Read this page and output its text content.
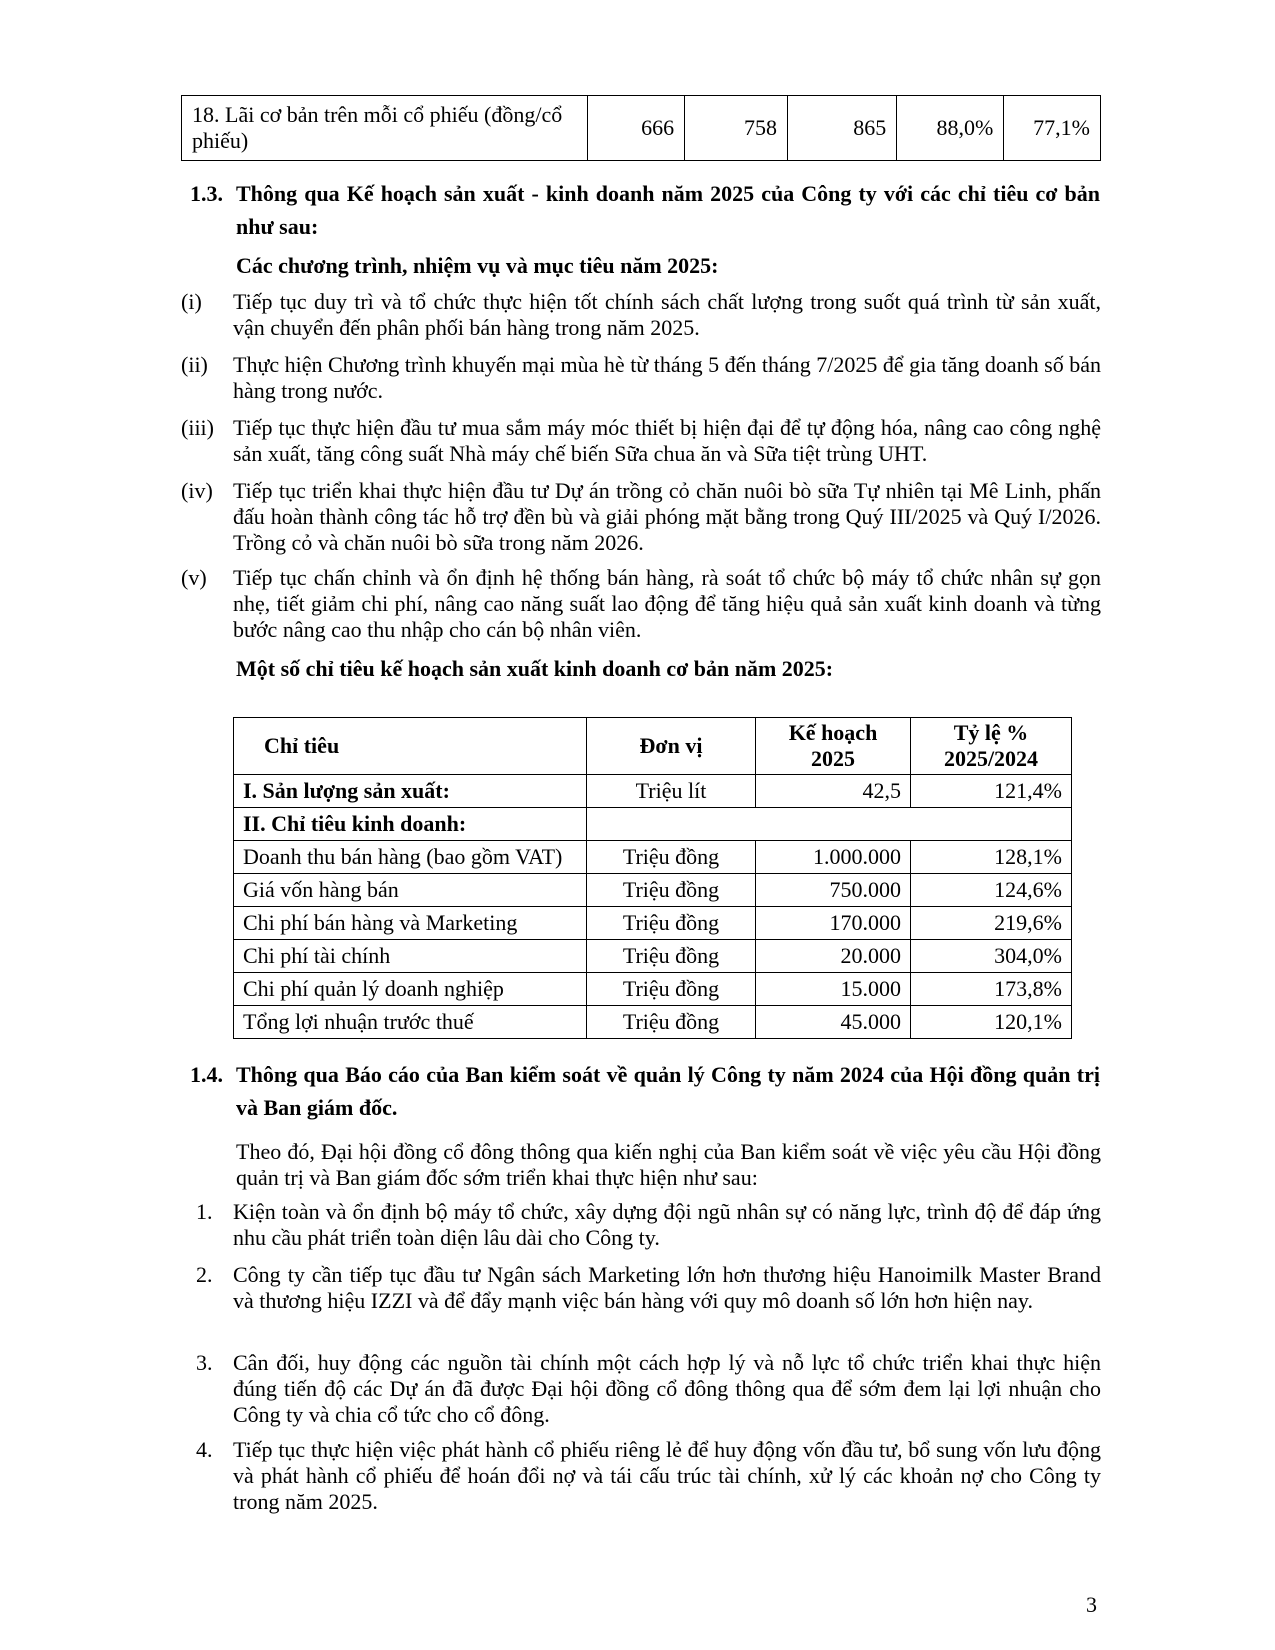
18. Lãi cơ bản trên mỗi cổ phiếu (đồng/cổ phiếu)	666	758	865	88,0%	77,1%
1.3. Thông qua Kế hoạch sản xuất - kinh doanh năm 2025 của Công ty với các chỉ tiêu cơ bản như sau:
Các chương trình, nhiệm vụ và mục tiêu năm 2025:
(i) Tiếp tục duy trì và tổ chức thực hiện tốt chính sách chất lượng trong suốt quá trình từ sản xuất, vận chuyển đến phân phối bán hàng trong năm 2025.
(ii) Thực hiện Chương trình khuyến mại mùa hè từ tháng 5 đến tháng 7/2025 để gia tăng doanh số bán hàng trong nước.
(iii) Tiếp tục thực hiện đầu tư mua sắm máy móc thiết bị hiện đại để tự động hóa, nâng cao công nghệ sản xuất, tăng công suất Nhà máy chế biến Sữa chua ăn và Sữa tiệt trùng UHT.
(iv) Tiếp tục triển khai thực hiện đầu tư Dự án trồng cỏ chăn nuôi bò sữa Tự nhiên tại Mê Linh, phấn đấu hoàn thành công tác hỗ trợ đền bù và giải phóng mặt bằng trong Quý III/2025 và Quý I/2026. Trồng cỏ và chăn nuôi bò sữa trong năm 2026.
(v) Tiếp tục chấn chỉnh và ổn định hệ thống bán hàng, rà soát tổ chức bộ máy tổ chức nhân sự gọn nhẹ, tiết giảm chi phí, nâng cao năng suất lao động để tăng hiệu quả sản xuất kinh doanh và từng bước nâng cao thu nhập cho cán bộ nhân viên.
Một số chỉ tiêu kế hoạch sản xuất kinh doanh cơ bản năm 2025:
Chỉ tiêu	Đơn vị	Kế hoạch 2025	Tỷ lệ % 2025/2024
I. Sản lượng sản xuất:	Triệu lít	42,5	121,4%
II. Chỉ tiêu kinh doanh:			
Doanh thu bán hàng (bao gồm VAT)	Triệu đồng	1.000.000	128,1%
Giá vốn hàng bán	Triệu đồng	750.000	124,6%
Chi phí bán hàng và Marketing	Triệu đồng	170.000	219,6%
Chi phí tài chính	Triệu đồng	20.000	304,0%
Chi phí quản lý doanh nghiệp	Triệu đồng	15.000	173,8%
Tổng lợi nhuận trước thuế	Triệu đồng	45.000	120,1%
1.4. Thông qua Báo cáo của Ban kiểm soát về quản lý Công ty năm 2024 của Hội đồng quản trị và Ban giám đốc.
Theo đó, Đại hội đồng cổ đông thông qua kiến nghị của Ban kiểm soát về việc yêu cầu Hội đồng quản trị và Ban giám đốc sớm triển khai thực hiện như sau:
1. Kiện toàn và ổn định bộ máy tổ chức, xây dựng đội ngũ nhân sự có năng lực, trình độ để đáp ứng nhu cầu phát triển toàn diện lâu dài cho Công ty.
2. Công ty cần tiếp tục đầu tư Ngân sách Marketing lớn hơn thương hiệu Hanoimilk Master Brand và thương hiệu IZZI và để đẩy mạnh việc bán hàng với quy mô doanh số lớn hơn hiện nay.
3. Cân đối, huy động các nguồn tài chính một cách hợp lý và nỗ lực tổ chức triển khai thực hiện đúng tiến độ các Dự án đã được Đại hội đồng cổ đông thông qua để sớm đem lại lợi nhuận cho Công ty và chia cổ tức cho cổ đông.
4. Tiếp tục thực hiện việc phát hành cổ phiếu riêng lẻ để huy động vốn đầu tư, bổ sung vốn lưu động và phát hành cổ phiếu để hoán đổi nợ và tái cấu trúc tài chính, xử lý các khoản nợ cho Công ty trong năm 2025.
3
